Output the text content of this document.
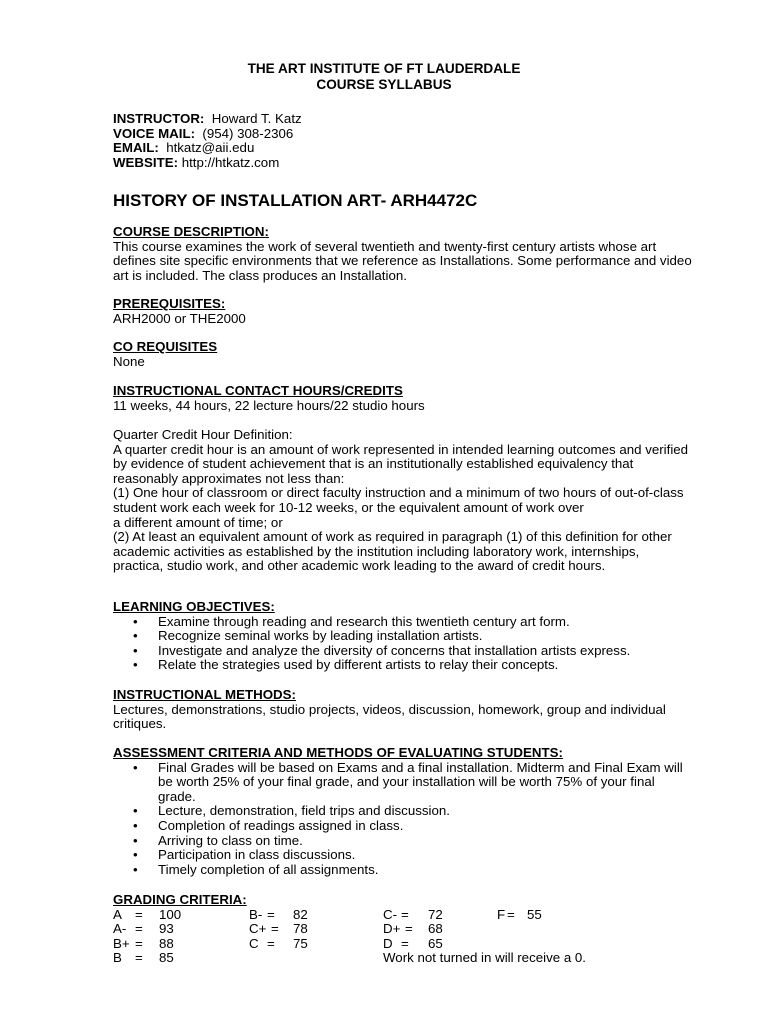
THE ART INSTITUTE OF FT LAUDERDALE
COURSE SYLLABUS
INSTRUCTOR: Howard T. Katz
VOICE MAIL: (954) 308-2306
EMAIL: htkatz@aii.edu
WEBSITE: http://htkatz.com
HISTORY OF INSTALLATION ART- ARH4472C
COURSE DESCRIPTION:

This course examines the work of several twentieth and twenty-first century artists whose art defines site specific environments that we reference as Installations. Some performance and video art is included. The class produces an Installation.

PREREQUISITES:

ARH2000 or THE2000

CO REQUISITES

None

INSTRUCTIONAL CONTACT HOURS/CREDITS

11 weeks, 44 hours, 22 lecture hours/22 studio hours

Quarter Credit Hour Definition:

A quarter credit hour is an amount of work represented in intended learning outcomes and verified by evidence of student achievement that is an institutionally established equivalency that reasonably approximates not less than:

(1) One hour of classroom or direct faculty instruction and a minimum of two hours of out-of-class student work each week for 10-12 weeks, or the equivalent amount of work over

a different amount of time; or

(2) At least an equivalent amount of work as required in paragraph (1) of this definition for other academic activities as established by the institution including laboratory work, internships, practica, studio work, and other academic work leading to the award of credit hours.

LEARNING OBJECTIVES:
• Examine through reading and research this twentieth century art form.
• Recognize seminal works by leading installation artists.
• Investigate and analyze the diversity of concerns that installation artists express.
• Relate the strategies used by different artists to relay their concepts.
INSTRUCTIONAL METHODS:

Lectures, demonstrations, studio projects, videos, discussion, homework, group and individual critiques.

ASSESSMENT CRITERIA AND METHODS OF EVALUATING STUDENTS:
• Final Grades will be based on Exams and a final installation. Midterm and Final Exam will be worth 25% of your final grade, and your installation will be worth 75% of your final grade.
• Lecture, demonstration, field trips and discussion.
• Completion of readings assigned in class.
• Arriving to class on time.
• Participation in class discussions.
• Timely completion of all assignments.
GRADING CRITERIA:
A = 100
A- = 93
B+ = 88
B = 85
B- = 82
C+ = 78
C = 75
C- = 72
D+ = 68
D = 65
F = 55
Work not turned in will receive a 0.
